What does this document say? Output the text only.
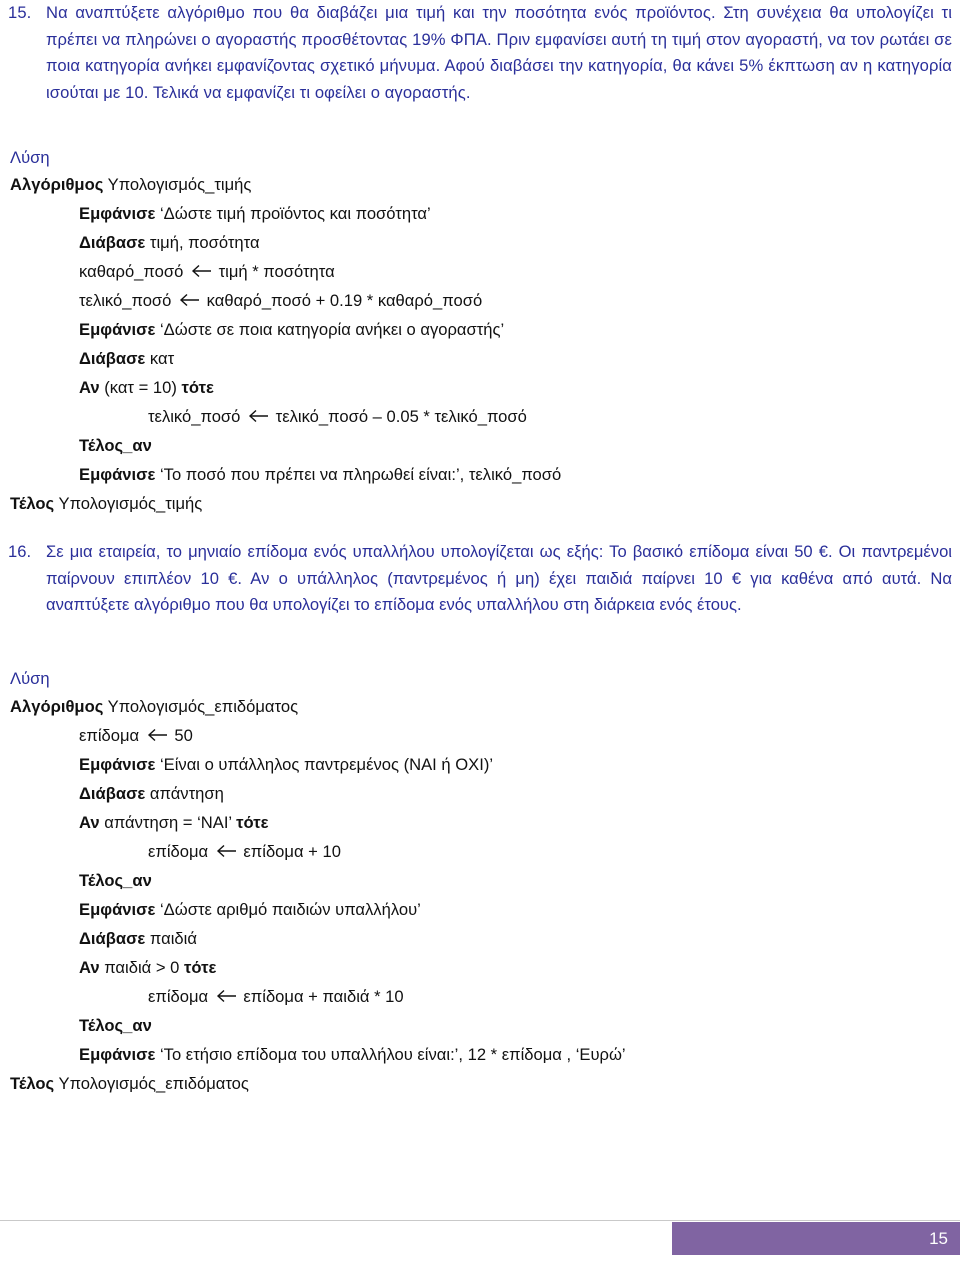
15. Να αναπτύξετε αλγόριθμο που θα διαβάζει μια τιμή και την ποσότητα ενός προϊόντος. Στη συνέχεια θα υπολογίζει τι πρέπει να πληρώνει ο αγοραστής προσθέτοντας 19% ΦΠΑ. Πριν εμφανίσει αυτή τη τιμή στον αγοραστή, να τον ρωτάει σε ποια κατηγορία ανήκει εμφανίζοντας σχετικό μήνυμα. Αφού διαβάσει την κατηγορία, θα κάνει 5% έκπτωση αν η κατηγορία ισούται με 10. Τελικά να εμφανίζει τι οφείλει ο αγοραστής.
Λύση
Αλγόριθμος Υπολογισμός_τιμής
Εμφάνισε ‘Δώστε τιμή προϊόντος και ποσότητα’
Διάβασε τιμή, ποσότητα
καθαρό_ποσό τιμή * ποσότητα
τελικό_ποσό καθαρό_ποσό + 0.19 * καθαρό_ποσό
Εμφάνισε ‘Δώστε σε ποια κατηγορία ανήκει ο αγοραστής’
Διάβασε κατ
Αν (κατ = 10) τότε
τελικό_ποσό τελικό_ποσό – 0.05 * τελικό_ποσό
Τέλος_αν
Εμφάνισε ‘Το ποσό που πρέπει να πληρωθεί είναι:’, τελικό_ποσό
Τέλος Υπολογισμός_τιμής
16. Σε μια εταιρεία, το μηνιαίο επίδομα ενός υπαλλήλου υπολογίζεται ως εξής: Το βασικό επίδομα είναι 50 €. Οι παντρεμένοι παίρνουν επιπλέον 10 €. Αν ο υπάλληλος (παντρεμένος ή μη) έχει παιδιά παίρνει 10 € για καθένα από αυτά. Να αναπτύξετε αλγόριθμο που θα υπολογίζει το επίδομα ενός υπαλλήλου στη διάρκεια ενός έτους.
Λύση
Αλγόριθμος Υπολογισμός_επιδόματος
επίδομα 50
Εμφάνισε ‘Είναι ο υπάλληλος παντρεμένος (ΝΑΙ ή ΟΧΙ)’
Διάβασε απάντηση
Αν απάντηση = ‘ΝΑΙ’ τότε
επίδομα επίδομα + 10
Τέλος_αν
Εμφάνισε ‘Δώστε αριθμό παιδιών υπαλλήλου’
Διάβασε παιδιά
Αν παιδιά > 0 τότε
επίδομα επίδομα + παιδιά * 10
Τέλος_αν
Εμφάνισε ‘Το ετήσιο επίδομα του υπαλλήλου είναι:’, 12 * επίδομα , ‘Ευρώ’
Τέλος Υπολογισμός_επιδόματος
15
